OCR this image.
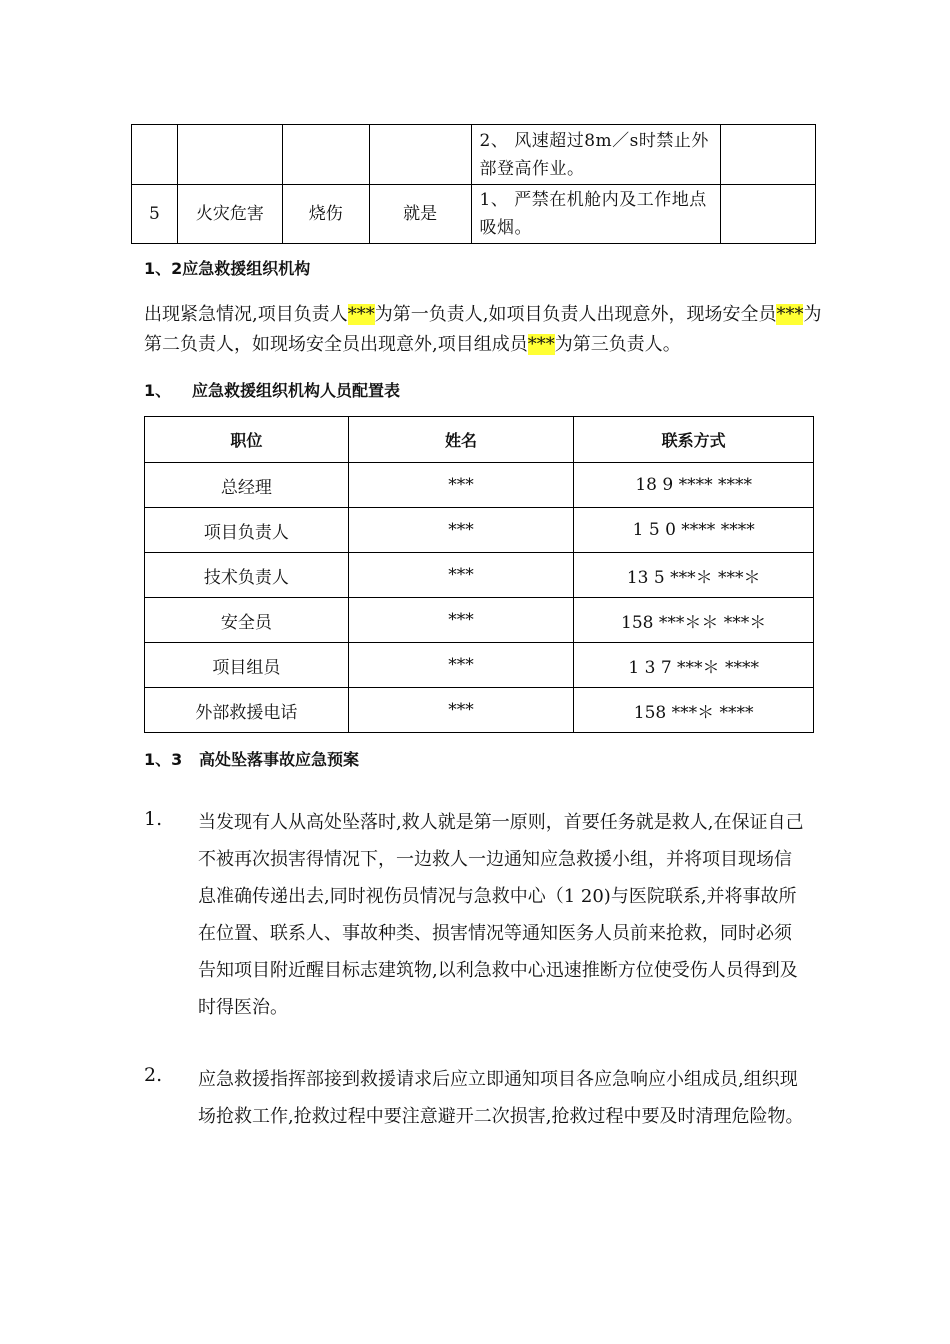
				2、 风速超过8m／s时禁止外部登高作业。	
5	火灾危害	烧伤	就是	1、 严禁在机舱内及工作地点吸烟。	
1、2应急救援组织机构
出现紧急情况,项目负责人***为第一负责人,如项目负责人出现意外，现场安全员***为第二负责人，如现场安全员出现意外,项目组成员***为第三负责人。
1、 应急救援组织机构人员配置表
职位	姓名	联系方式
总经理	***	18 9 **** ****
项目负责人	***	1 5 0 **** ****
技术负责人	***	13 5 ***＊ ***＊
安全员	***	158 ***＊＊ ***＊
项目组员	***	1 3 7 ***＊ ****
外部救援电话	***	158 ***＊ ****
1、3   高处坠落事故应急预案
1. 当发现有人从高处坠落时,救人就是第一原则，首要任务就是救人,在保证自己不被再次损害得情况下，一边救人一边通知应急救援小组，并将项目现场信息准确传递出去,同时视伤员情况与急救中心（1 20)与医院联系,并将事故所在位置、联系人、事故种类、损害情况等通知医务人员前来抢救，同时必须告知项目附近醒目标志建筑物,以利急救中心迅速推断方位使受伤人员得到及时得医治。
2. 应急救援指挥部接到救援请求后应立即通知项目各应急响应小组成员,组织现场抢救工作,抢救过程中要注意避开二次损害,抢救过程中要及时清理危险物。
